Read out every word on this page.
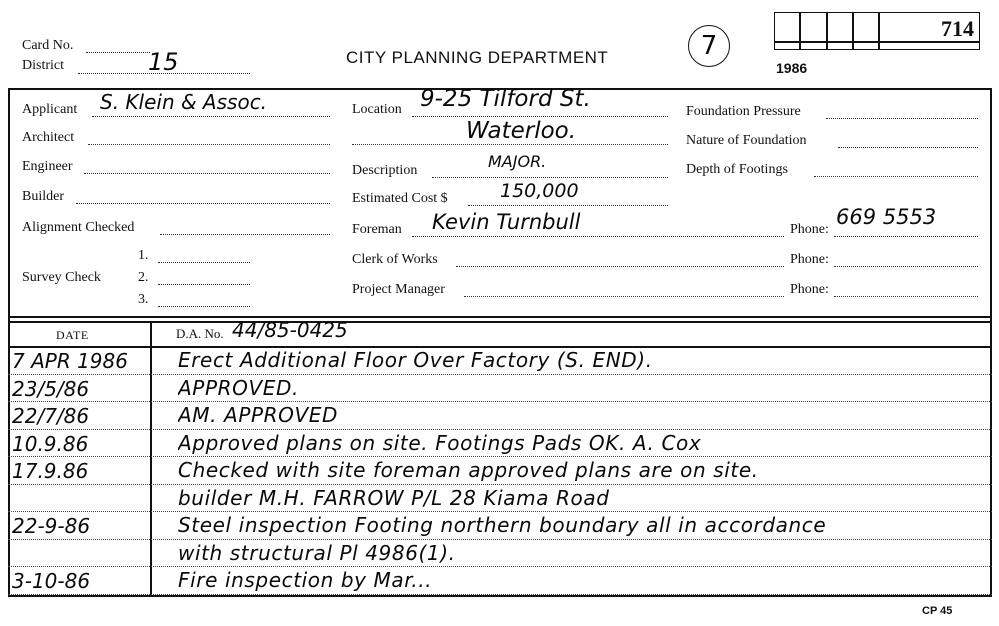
Card No.
District	15	CITY PLANNING DEPARTMENT	7
714
1986
Applicant S. Klein & Assoc.
Architect
Engineer
Builder
Alignment Checked
Survey Check
1.
2.
3.
Location 9-25 Tilford St.
Waterloo.
Description	MAJOR.
Estimated Cost $	150,000
Foreman Kevin Turnbull
Clerk of Works
Project Manager
Foundation Pressure
Nature of Foundation
Depth of Footings
Phone:
669 5553
Phone:
Phone:
DATE	D.A. No. 44/85-0425
7 APR 1986	Erect Additional Floor Over Factory (S. END).
23/5/86	APPROVED.
22/7/86	AM. APPROVED
10.9.86	Approved plans on site. Footings Pads OK. A. Cox
17.9.86	Checked with site foreman approved plans are on site.
builder M.H. FARROW P/L 28 Kiama Road
22-9-86	Steel inspection Footing northern boundary all in accordance
with structural Pl 4986(1).
3-10-86	Fire inspection by Mar...
CP 45
